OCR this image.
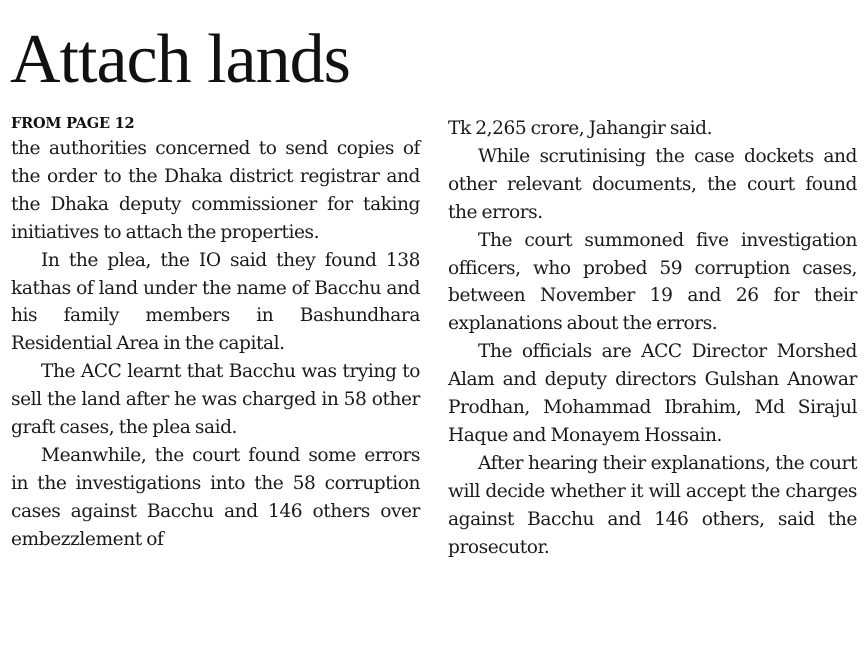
Attach lands
FROM PAGE 12

the authorities concerned to send copies of the order to the Dhaka district registrar and the Dhaka deputy commissioner for taking initiatives to attach the properties.

In the plea, the IO said they found 138 kathas of land under the name of Bacchu and his family members in Bashundhara Residential Area in the capital.

The ACC learnt that Bacchu was trying to sell the land after he was charged in 58 other graft cases, the plea said.

Meanwhile, the court found some errors in the investigations into the 58 corruption cases against Bacchu and 146 others over embezzlement of

Tk 2,265 crore, Jahangir said.

While scrutinising the case dockets and other relevant documents, the court found the errors.

The court summoned five investigation officers, who probed 59 corruption cases, between November 19 and 26 for their explanations about the errors.

The officials are ACC Director Morshed Alam and deputy directors Gulshan Anowar Prodhan, Mohammad Ibrahim, Md Sirajul Haque and Monayem Hossain.

After hearing their explanations, the court will decide whether it will accept the charges against Bacchu and 146 others, said the prosecutor.
